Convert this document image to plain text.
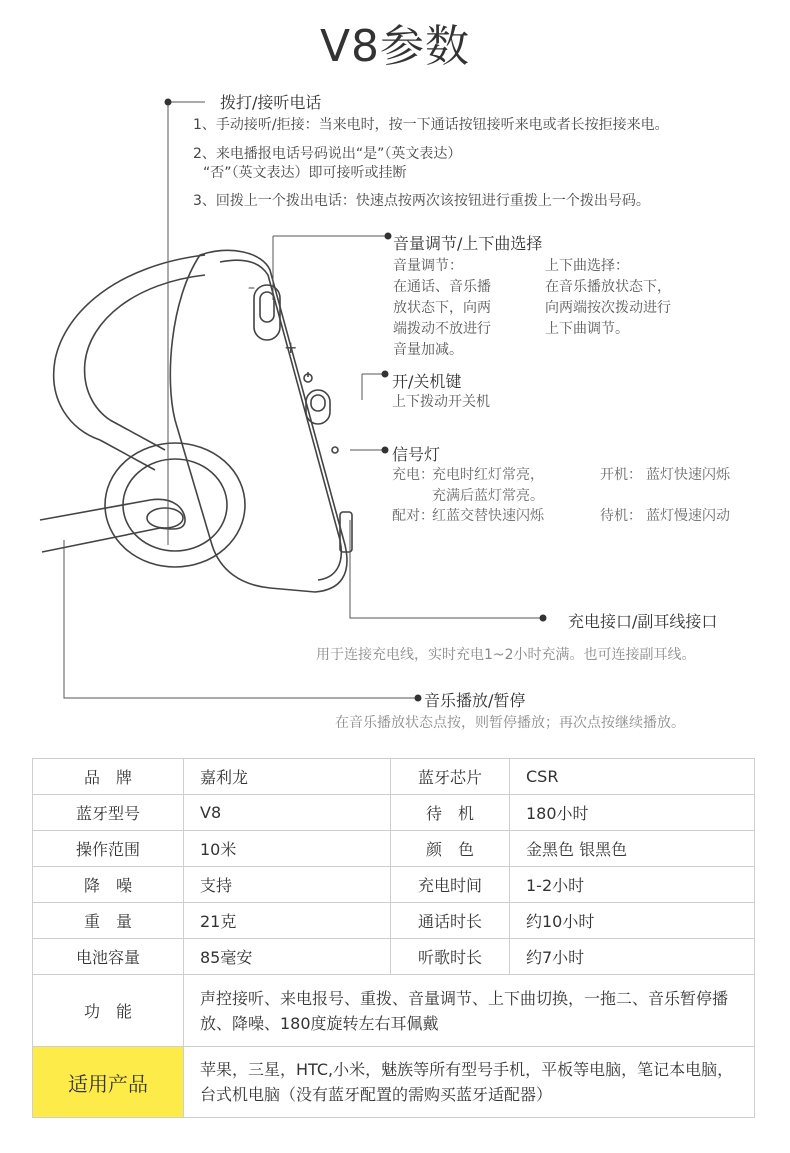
V8参数
–
+
拨打/接听电话
1、手动接听/拒接：当来电时，按一下通话按钮接听来电或者长按拒接来电。
2、来电播报电话号码说出“是”（英文表达）
“否”（英文表达）即可接听或挂断
3、回拨上一个拨出电话：快速点按两次该按钮进行重拨上一个拨出号码。
音量调节/上下曲选择
音量调节：
在通话、音乐播
放状态下，向两
端拨动不放进行
音量加减。
上下曲选择：
在音乐播放状态下，
向两端按次拨动进行
上下曲调节。
开/关机键
上下拨动开关机
信号灯
充电：
充电时红灯常亮，
充满后蓝灯常亮。
配对：
红蓝交替快速闪烁
开机： 蓝灯快速闪烁
待机： 蓝灯慢速闪动
充电接口/副耳线接口
用于连接充电线，实时充电1~2小时充满。也可连接副耳线。
音乐播放/暂停
在音乐播放状态点按，则暂停播放；再次点按继续播放。
品　牌	嘉利龙	蓝牙芯片	CSR
蓝牙型号	V8	待　机	180小时
操作范围	10米	颜　色	金黑色 银黑色
降　噪	支持	充电时间	1-2小时
重　量	21克	通话时长	约10小时
电池容量	85毫安	听歌时长	约7小时
功　能	声控接听、来电报号、重拨、音量调节、上下曲切换，一拖二、音乐暂停播放、降噪、180度旋转左右耳佩戴		
适用产品	苹果，三星，HTC,小米，魅族等所有型号手机，平板等电脑，笔记本电脑，台式机电脑（没有蓝牙配置的需购买蓝牙适配器）		
